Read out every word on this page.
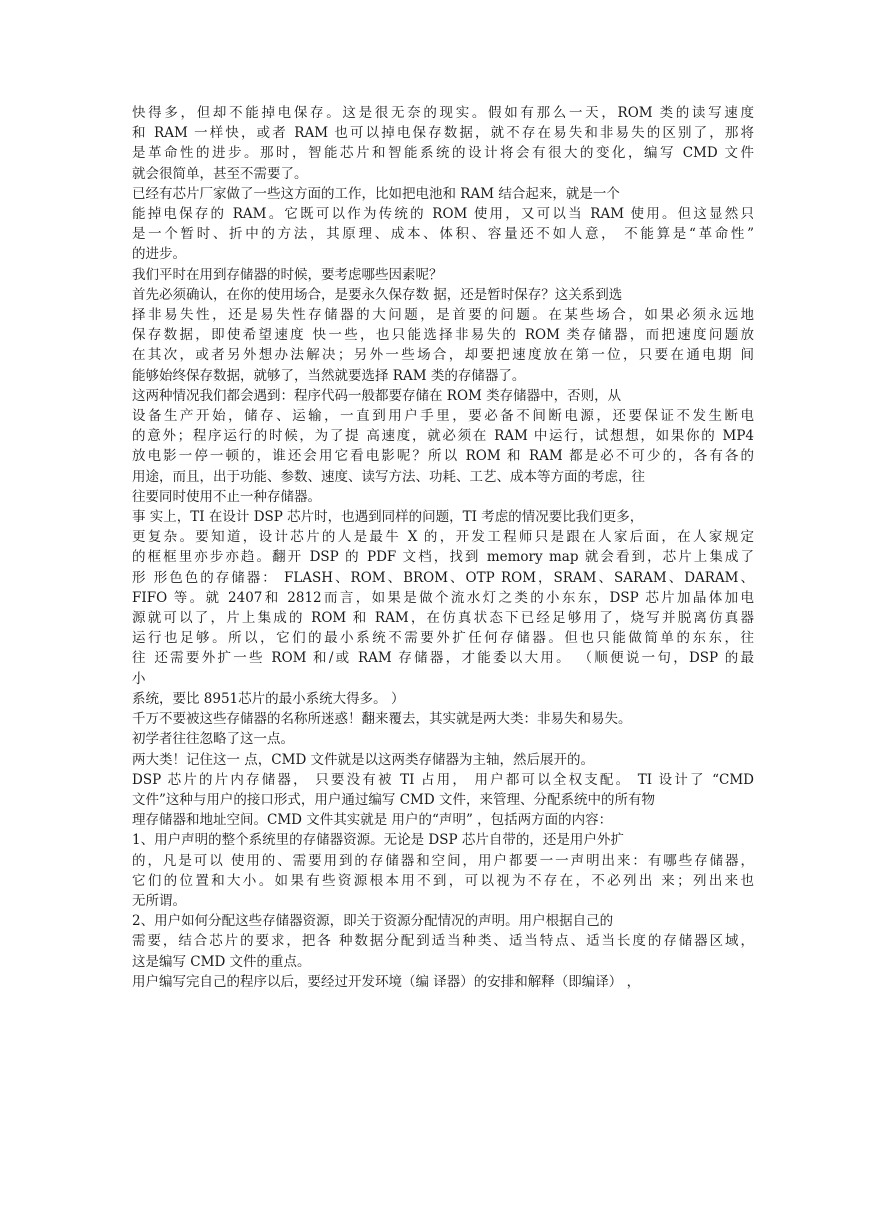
快得多，但却不能掉电保存。这是很无奈的现实。假如有那么一天，ROM 类的读写速度
和 RAM 一样快，或者 RAM 也可以掉电保存数据，就不存在易失和非易失的区别了，那将
是革命性的进步。那时，智能芯片和智能系统的设计将会有很大的变化，编写 CMD 文件
就会很简单，甚至不需要了。
已经有芯片厂家做了一些这方面的工作，比如把电池和 RAM 结合起来，就是一个
能掉电保存的 RAM。它既可以作为传统的 ROM 使用，又可以当 RAM 使用。但这显然只
是一个暂时、折中的方法，其原理、成本、体积、容量还不如人意， 不能算是“革命性”
的进步。
我们平时在用到存储器的时候，要考虑哪些因素呢？
首先必须确认，在你的使用场合，是要永久保存数 据，还是暂时保存？这关系到选
择非易失性，还是易失性存储器的大问题，是首要的问题。在某些场合，如果必须永远地
保存数据，即使希望速度 快一些，也只能选择非易失的 ROM 类存储器，而把速度问题放
在其次，或者另外想办法解决；另外一些场合，却要把速度放在第一位，只要在通电期 间
能够始终保存数据，就够了，当然就要选择 RAM 类的存储器了。
这两种情况我们都会遇到：程序代码一般都要存储在 ROM 类存储器中，否则，从
设备生产开始，储存、运输，一直到用户手里，要必备不间断电源，还要保证不发生断电
的意外；程序运行的时候，为了提 高速度，就必须在 RAM 中运行，试想想，如果你的 MP4
放电影一停一顿的，谁还会用它看电影呢？所以 ROM 和 RAM 都是必不可少的，各有各的
用途，而且，出于功能、参数、速度、读写方法、功耗、工艺、成本等方面的考虑，往
往要同时使用不止一种存储器。
事 实上，TI 在设计 DSP 芯片时，也遇到同样的问题，TI 考虑的情况要比我们更多，
更复杂。要知道，设计芯片的人是最牛 X 的，开发工程师只是跟在人家后面，在人家规定
的框框里亦步亦趋。翻开 DSP 的 PDF 文档，找到 memory map 就会看到，芯片上集成了
形 形色色的存储器： FLASH、ROM、BROM、OTP ROM，SRAM、SARAM、DARAM、
FIFO 等。就 2407和 2812而言，如果是做个流水灯之类的小东东，DSP 芯片加晶体加电
源就可以了，片上集成的 ROM 和 RAM，在仿真状态下已经足够用了，烧写并脱离仿真器
运行也足够。所以，它们的最小系统不需要外扩任何存储器。但也只能做简单的东东，往
往 还需要外扩一些 ROM 和/或 RAM 存储器，才能委以大用。 （顺便说一句，DSP 的最
小
系统，要比 8951芯片的最小系统大得多。 ）
千万不要被这些存储器的名称所迷惑！翻来覆去，其实就是两大类：非易失和易失。
初学者往往忽略了这一点。
两大类！记住这一 点，CMD 文件就是以这两类存储器为主轴，然后展开的。
DSP 芯片的片内存储器， 只要没有被 TI 占用， 用户都可以全权支配。 TI 设计了 “CMD
文件”这种与用户的接口形式，用户通过编写 CMD 文件，来管理、分配系统中的所有物
理存储器和地址空间。CMD 文件其实就是 用户的“声明” ，包括两方面的内容：
1、用户声明的整个系统里的存储器资源。无论是 DSP 芯片自带的，还是用户外扩
的，凡是可以 使用的、需要用到的存储器和空间，用户都要一一声明出来：有哪些存储器，
它们的位置和大小。如果有些资源根本用不到，可以视为不存在，不必列出 来；列出来也
无所谓。
2、用户如何分配这些存储器资源，即关于资源分配情况的声明。用户根据自己的
需要，结合芯片的要求，把各 种数据分配到适当种类、适当特点、适当长度的存储器区域，
这是编写 CMD 文件的重点。
用户编写完自己的程序以后，要经过开发环境（编 译器）的安排和解释（即编译） ，
